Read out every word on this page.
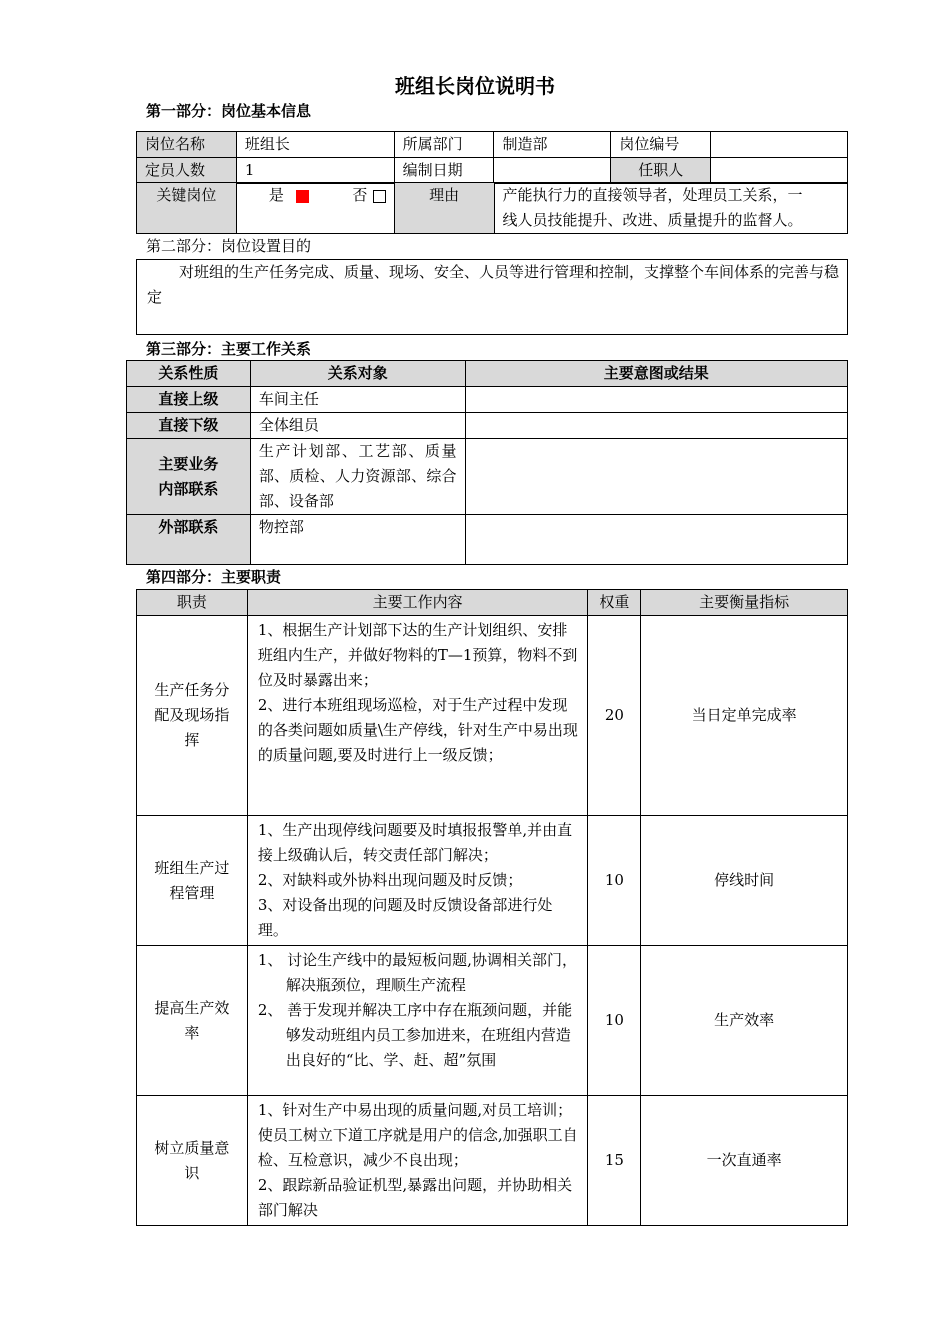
班组长岗位说明书
第一部分：岗位基本信息
岗位名称	班组长	所属部门	制造部	岗位编号	
定员人数	1	编制日期		任职人	
关键岗位	是	否	理由	产能执行力的直接领导者，处理员工关系，一
线人员技能提升、改进、质量提升的监督人。
第二部分：岗位设置目的
对班组的生产任务完成、质量、现场、安全、人员等进行管理和控制，支撑整个车间体系的完善与稳定
第三部分：主要工作关系
关系性质	关系对象	主要意图或结果
直接上级	车间主任	
直接下级	全体组员	

主要业务
内部联系	生产计划部、工艺部、质量部、质检、人力资源部、综合部、设备部	
外部联系	物控部	
第四部分：主要职责
职责	主要工作内容	权重	主要衡量指标
生产任务分配及现场指挥	1、根据生产计划部下达的生产计划组织、安排班组内生产，并做好物料的T—1预算，物料不到位及时暴露出来；
2、进行本班组现场巡检，对于生产过程中发现的各类问题如质量\生产停线，针对生产中易出现的质量问题,要及时进行上一级反馈；	20	当日定单完成率
班组生产过程管理	1、生产出现停线问题要及时填报报警单,并由直接上级确认后，转交责任部门解决；
2、对缺料或外协料出现问题及时反馈；
3、对设备出现的问题及时反馈设备部进行处理。	10	停线时间
提高生产效率	1、 讨论生产线中的最短板问题,协调相关部门，解决瓶颈位，理顺生产流程
2、 善于发现并解决工序中存在瓶颈问题，并能够发动班组内员工参加进来，在班组内营造出良好的“比、学、赶、超”氛围	10	生产效率
树立质量意识	1、针对生产中易出现的质量问题,对员工培训；使员工树立下道工序就是用户的信念,加强职工自检、互检意识，减少不良出现；
2、跟踪新品验证机型,暴露出问题，并协助相关部门解决	15	一次直通率
